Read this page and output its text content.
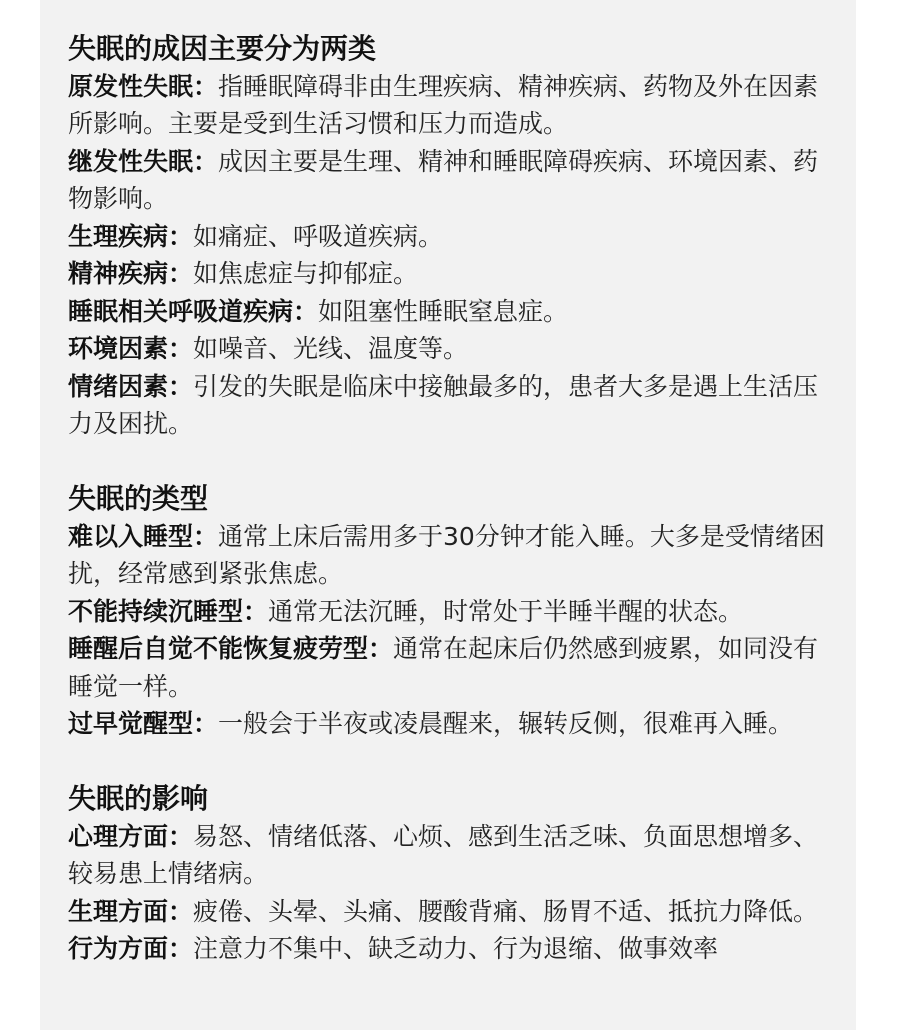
失眠的成因主要分为两类

原发性失眠：指睡眠障碍非由生理疾病、精神疾病、药物及外在因素所影响。主要是受到生活习惯和压力而造成。

继发性失眠：成因主要是生理、精神和睡眠障碍疾病、环境因素、药物影响。

生理疾病：如痛症、呼吸道疾病。

精神疾病：如焦虑症与抑郁症。

睡眠相关呼吸道疾病：如阻塞性睡眠窒息症。

环境因素：如噪音、光线、温度等。

情绪因素：引发的失眠是临床中接触最多的，患者大多是遇上生活压力及困扰。

失眠的类型

难以入睡型：通常上床后需用多于30分钟才能入睡。大多是受情绪困扰，经常感到紧张焦虑。

不能持续沉睡型：通常无法沉睡，时常处于半睡半醒的状态。

睡醒后自觉不能恢复疲劳型：通常在起床后仍然感到疲累，如同没有睡觉一样。

过早觉醒型：一般会于半夜或凌晨醒来，辗转反侧，很难再入睡。

失眠的影响

心理方面：易怒、情绪低落、心烦、感到生活乏味、负面思想增多、较易患上情绪病。

生理方面：疲倦、头晕、头痛、腰酸背痛、肠胃不适、抵抗力降低。

行为方面：注意力不集中、缺乏动力、行为退缩、做事效率
